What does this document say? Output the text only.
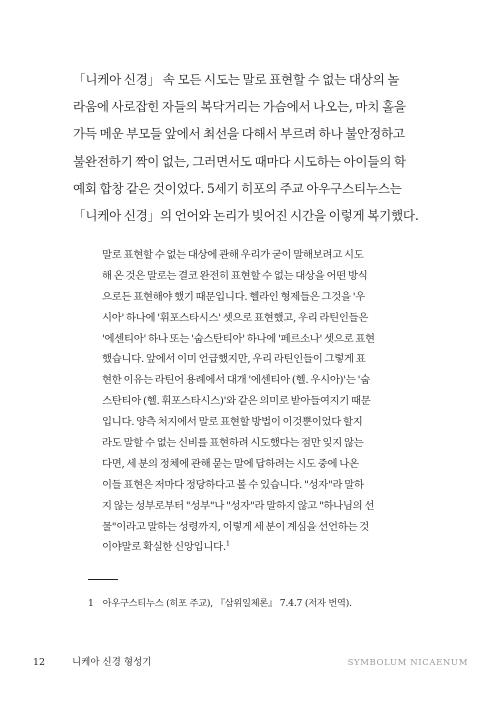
「니케아 신경」 속 모든 시도는 말로 표현할 수 없는 대상의 놀
라움에 사로잡힌 자들의 복닥거리는 가슴에서 나오는, 마치 홀을
가득 메운 부모들 앞에서 최선을 다해서 부르려 하나 불안정하고
불완전하기 짝이 없는, 그러면서도 때마다 시도하는 아이들의 학
예회 합창 같은 것이었다. 5세기 히포의 주교 아우구스티누스는
「니케아 신경」의 언어와 논리가 빚어진 시간을 이렇게 복기했다.
말로 표현할 수 없는 대상에 관해 우리가 굳이 말해보려고 시도
해 온 것은 말로는 결코 완전히 표현할 수 없는 대상을 어떤 방식
으로든 표현해야 했기 때문입니다. 헬라인 형제들은 그것을 '우
시아' 하나에 '휘포스타시스' 셋으로 표현했고, 우리 라틴인들은
'에센티아' 하나 또는 '숩스탄티아' 하나에 '페르소나' 셋으로 표현
했습니다. 앞에서 이미 언급했지만, 우리 라틴인들이 그렇게 표
현한 이유는 라틴어 용례에서 대개 '에센티아 (헬. 우시아)'는 '숩
스탄티아 (헬. 휘포스타시스)'와 같은 의미로 받아들여지기 때문
입니다. 양측 처지에서 말로 표현할 방법이 이것뿐이었다 할지
라도 말할 수 없는 신비를 표현하려 시도했다는 점만 잊지 않는
다면, 세 분의 정체에 관해 묻는 말에 답하려는 시도 중에 나온
이들 표현은 저마다 정당하다고 볼 수 있습니다. "성자"라 말하
지 않는 성부로부터 "성부"나 "성자"라 말하지 않고 "하나님의 선
물"이라고 말하는 성령까지, 이렇게 세 분이 계심을 선언하는 것
이야말로 확실한 신앙입니다.$^1$

1 아우구스티누스 (히포 주교), 『삼위일체론』 7.4.7 (저자 번역).

12	니케아 신경 형성기	SYMBOLUM NICAENUM
